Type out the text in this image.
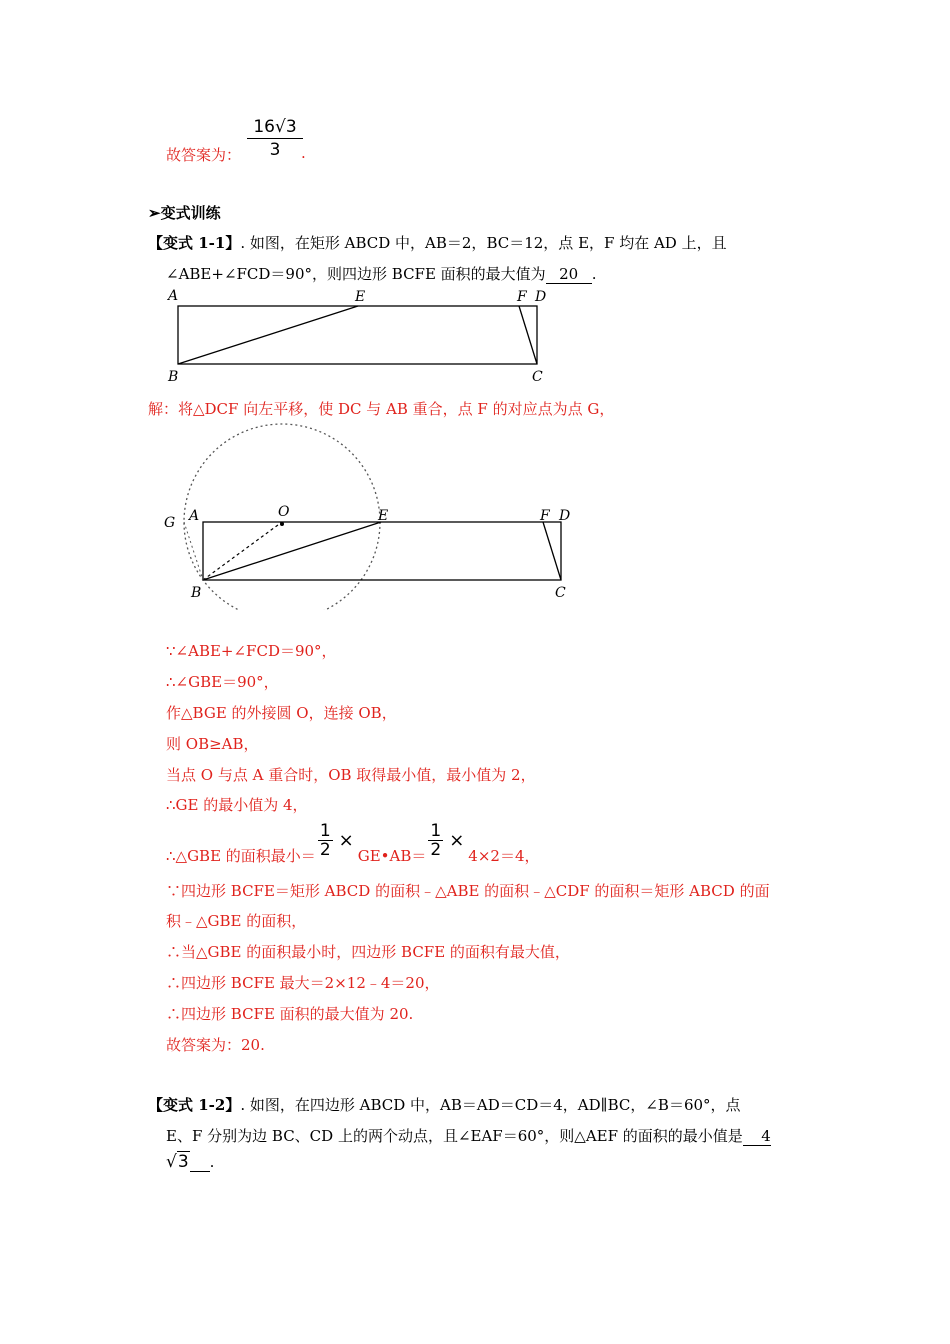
故答案为： $\frac{16√3}{3}$
.
➢变式训练
【变式 1-1】. 如图，在矩形 ABCD 中，AB＝2，BC＝12，点 E，F 均在 AD 上，且
∠ABE+∠FCD＝90°，则四边形 BCFE 面积的最大值为 20 .
A	E	F D
B	C
解：将△DCF 向左平移，使 DC 与 AB 重合，点 F 的对应点为点 G，
G A	O	E	F D
B	C
∵∠ABE+∠FCD＝90°，
∴∠GBE＝90°，
作△BGE 的外接圆 O，连接 OB，
则 OB≥AB，
当点 O 与点 A 重合时，OB 取得最小值，最小值为 2，
∴GE 的最小值为 4，
∴△GBE 的面积最小＝ $\frac{1}{2}$ ×
GE•AB＝ $\frac{1}{2}$ ×
4×2＝4，
∵四边形 BCFE＝矩形 ABCD 的面积﹣△ABE 的面积﹣△CDF 的面积＝矩形 ABCD 的面
积﹣△GBE 的面积，
∴当△GBE 的面积最小时，四边形 BCFE 的面积有最大值，
∴四边形 BCFE 最大＝2×12﹣4＝20，
∴四边形 BCFE 面积的最大值为 20.
故答案为：20.
【变式 1-2】. 如图，在四边形 ABCD 中，AB＝AD＝CD＝4，AD∥BC，∠B＝60°，点
E、F 分别为边 BC、CD 上的两个动点，且∠EAF＝60°，则△AEF 的面积的最小值是 4
√3 .
